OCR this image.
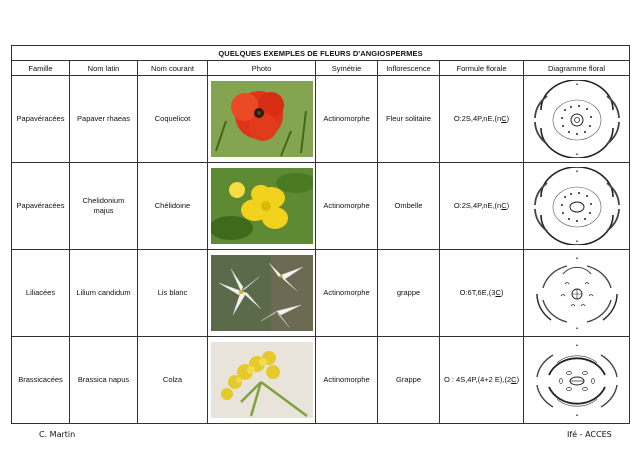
QUELQUES EXEMPLES DE FLEURS D'ANGIOSPERMES							
Famille	Nom latin	Nom courant	Photo	Symétrie	Inflorescence	Formule florale	Diagramme floral
Papavéracées	Papaver rhaeas	Coquelicot		Actinomorphe	Fleur solitaire	O:2S,4P,nE,(nC)	•
•

Papavéracées	Chelidonium majus	Chélidoine		Actinomorphe	Ombelle	O:2S,4P,nE,(nC)	•
•

Liliacées	Lilium candidum	Lis blanc		Actinomorphe	grappe	O:6T,6E,(3C)	•
•

Brassicacées	Brassica napus	Colza		Actinomorphe	Grappe	O : 4S,4P,(4+2 E),(2C)	•
•
C. Martin	Ifé - ACCES
